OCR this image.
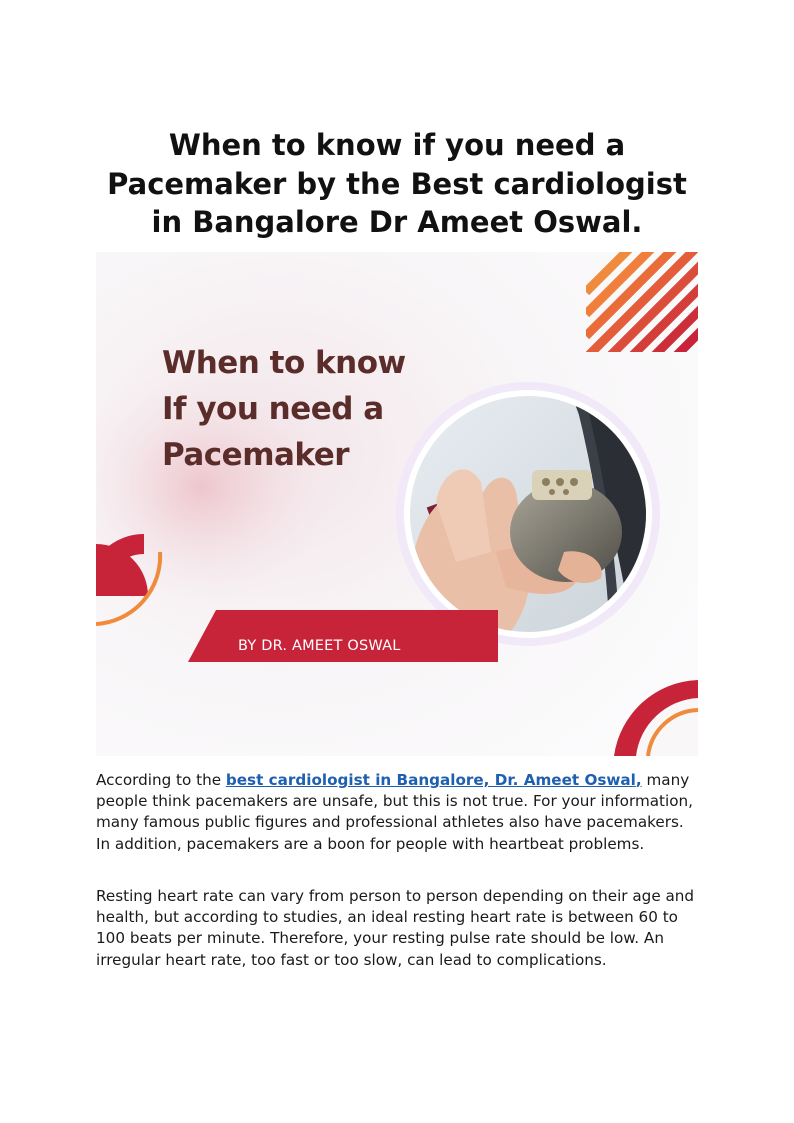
When to know if you need a Pacemaker by the Best cardiologist in Bangalore Dr Ameet Oswal.
When to know
If you need a
Pacemaker
BY DR. AMEET OSWAL

According to the best cardiologist in Bangalore, Dr. Ameet Oswal, many people think pacemakers are unsafe, but this is not true. For your information, many famous public figures and professional athletes also have pacemakers. In addition, pacemakers are a boon for people with heartbeat problems.

Resting heart rate can vary from person to person depending on their age and health, but according to studies, an ideal resting heart rate is between 60 to 100 beats per minute. Therefore, your resting pulse rate should be low. An irregular heart rate, too fast or too slow, can lead to complications.
